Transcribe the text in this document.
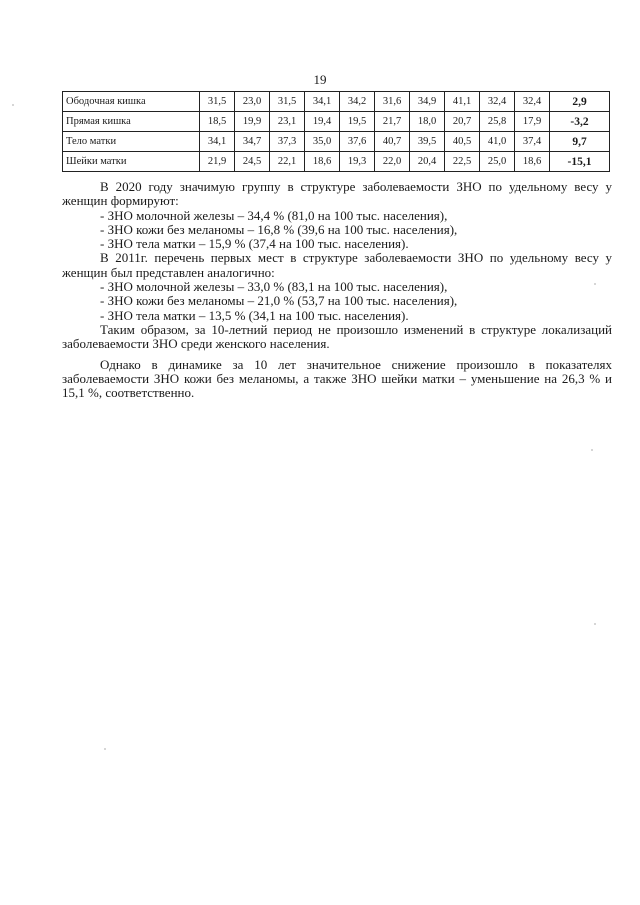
19
Ободочная кишка	31,5	23,0	31,5	34,1	34,2	31,6	34,9	41,1	32,4	32,4	2,9
Прямая кишка	18,5	19,9	23,1	19,4	19,5	21,7	18,0	20,7	25,8	17,9	-3,2
Тело матки	34,1	34,7	37,3	35,0	37,6	40,7	39,5	40,5	41,0	37,4	9,7
Шейки матки	21,9	24,5	22,1	18,6	19,3	22,0	20,4	22,5	25,0	18,6	-15,1

В 2020 году значимую группу в структуре заболеваемости ЗНО по удельному весу у женщин формируют:

- ЗНО молочной железы – 34,4 % (81,0 на 100 тыс. населения),

- ЗНО кожи без меланомы – 16,8 % (39,6 на 100 тыс. населения),

- ЗНО тела матки – 15,9 % (37,4 на 100 тыс. населения).

В 2011г. перечень первых мест в структуре заболеваемости ЗНО по удельному весу у женщин был представлен аналогично:

- ЗНО молочной железы – 33,0 % (83,1 на 100 тыс. населения),

- ЗНО кожи без меланомы – 21,0 % (53,7 на 100 тыс. населения),

- ЗНО тела матки – 13,5 % (34,1 на 100 тыс. населения).

Таким образом, за 10-летний период не произошло изменений в структуре локализаций заболеваемости ЗНО среди женского населения.

Однако в динамике за 10 лет значительное снижение произошло в показателях заболеваемости ЗНО кожи без меланомы, а также ЗНО шейки матки – уменьшение на 26,3 % и 15,1 %, соответственно.
